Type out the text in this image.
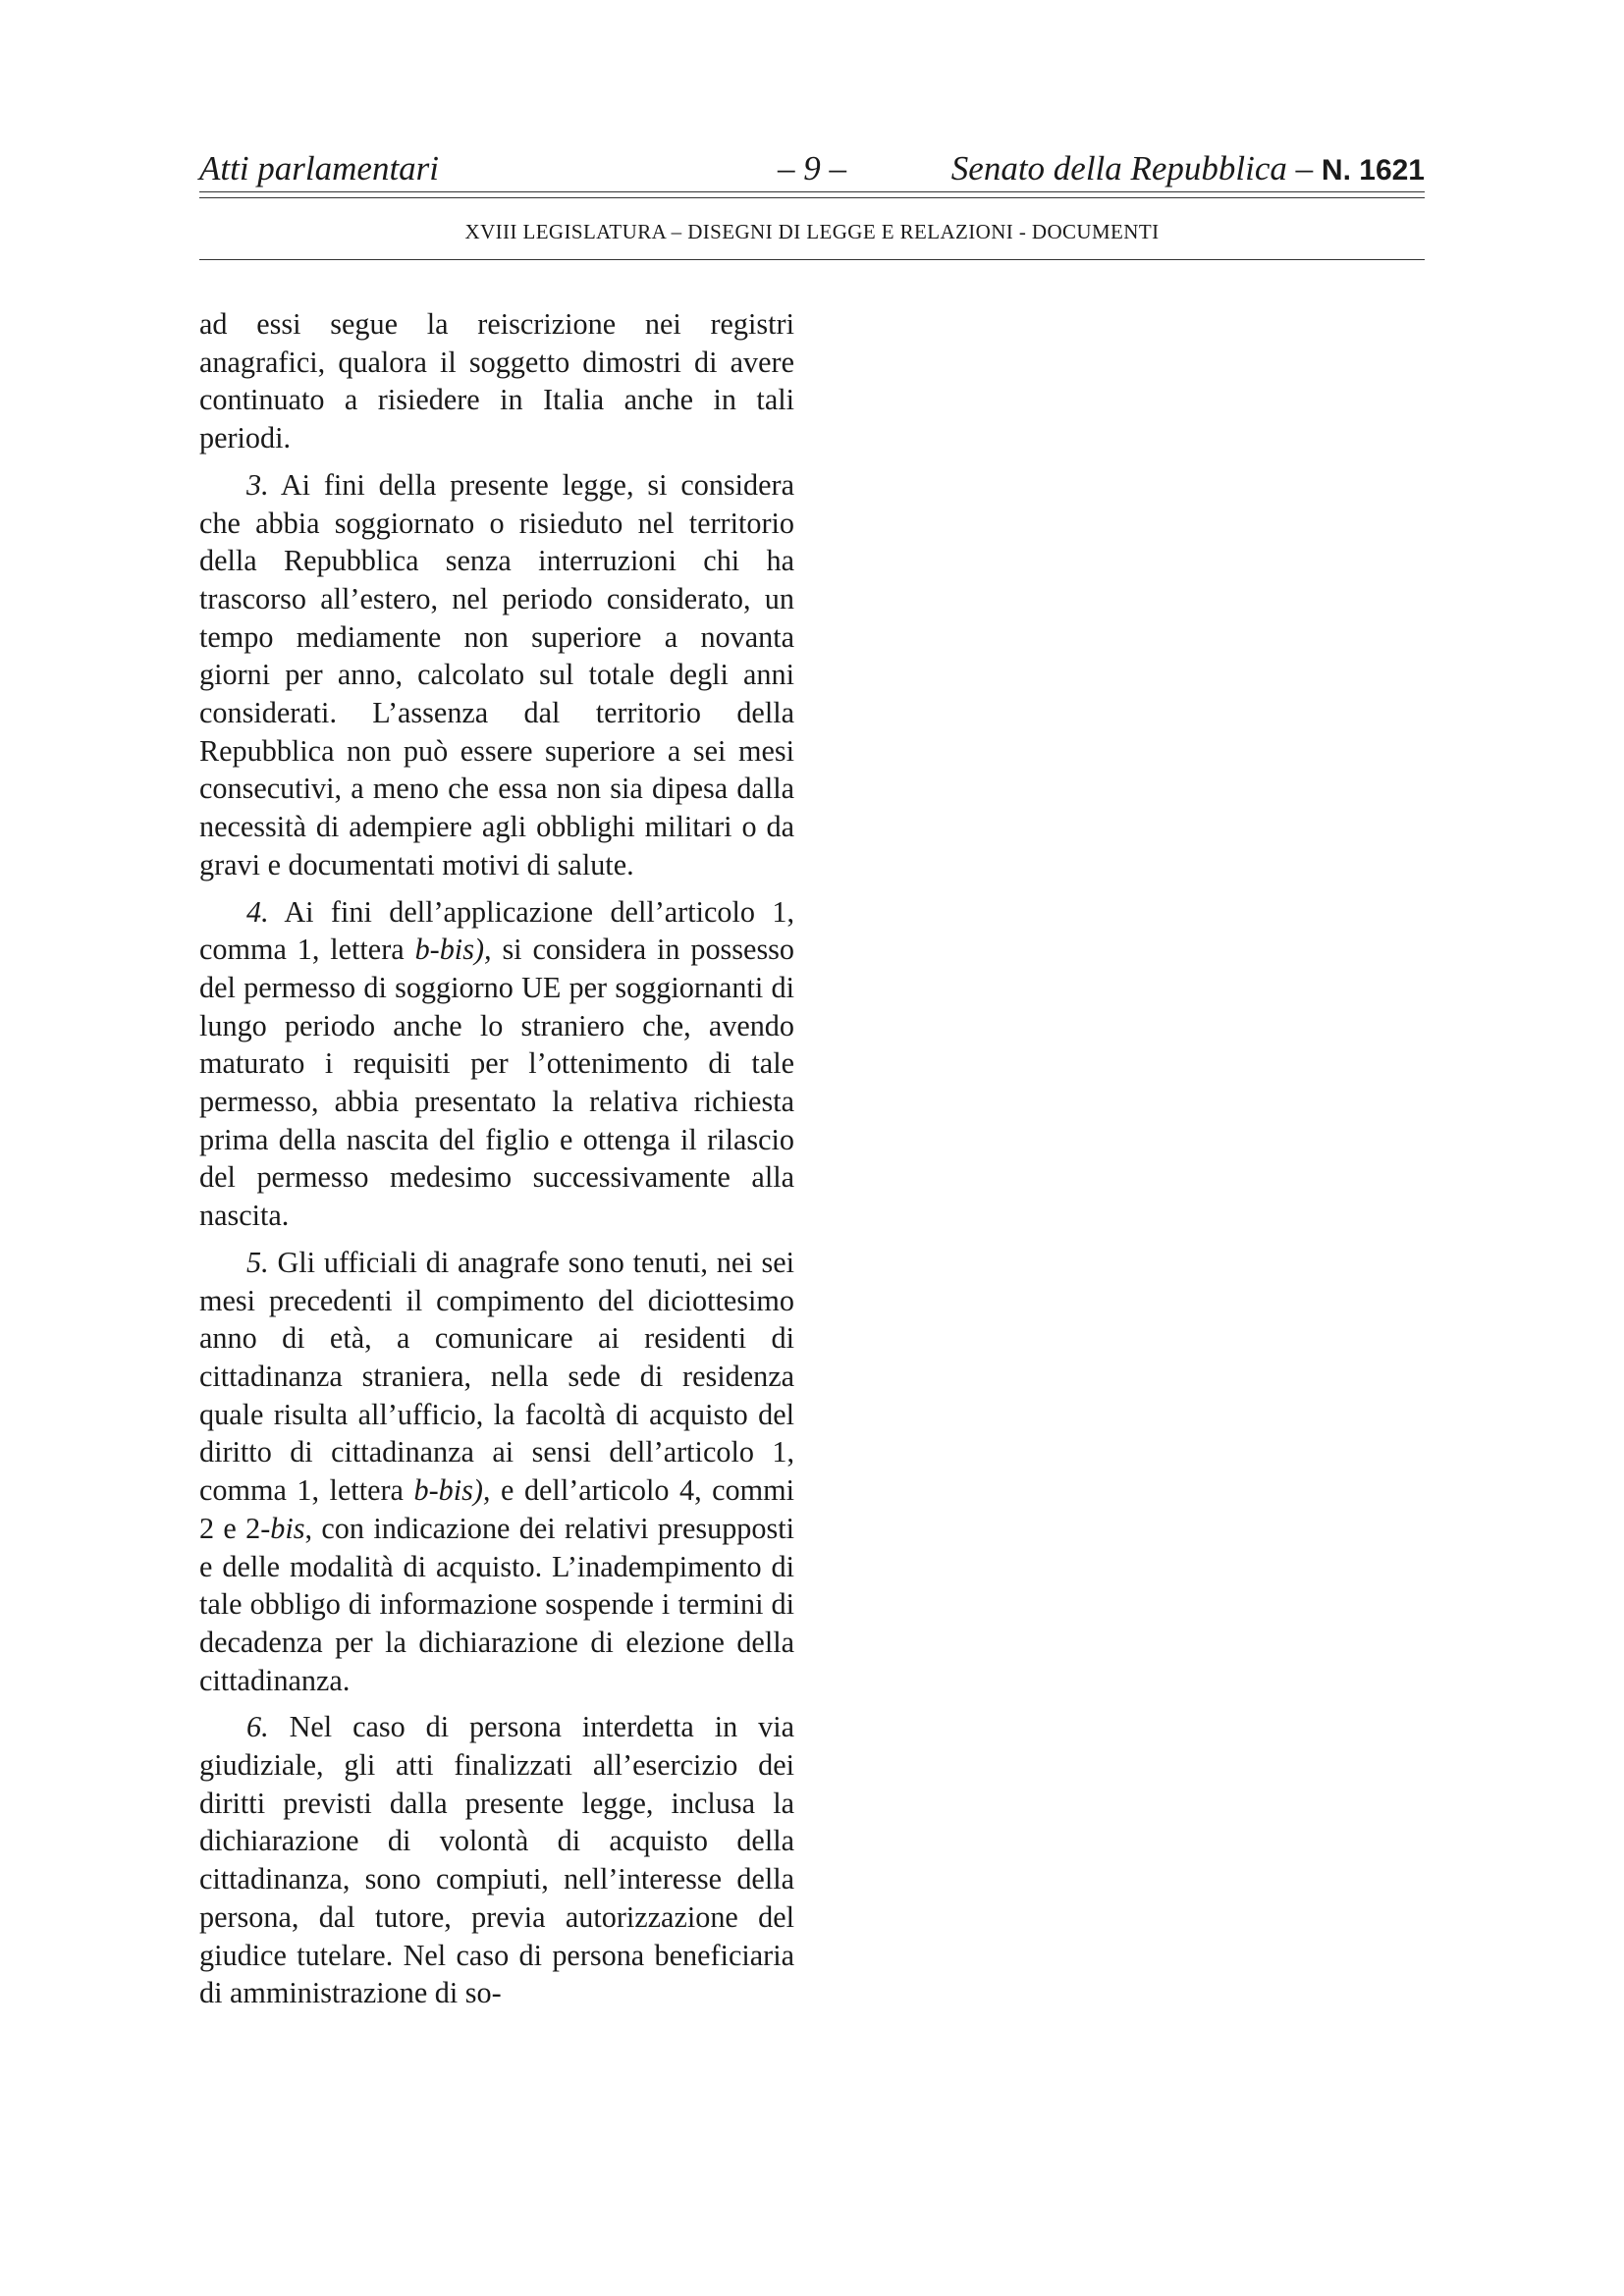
Atti parlamentari	– 9 –	Senato della Repubblica – N. 1621
XVIII LEGISLATURA – DISEGNI DI LEGGE E RELAZIONI - DOCUMENTI

ad essi segue la reiscrizione nei registri anagrafici, qualora il soggetto dimostri di avere continuato a risiedere in Italia anche in tali periodi.

3. Ai fini della presente legge, si considera che abbia soggiornato o risieduto nel territorio della Repubblica senza interruzioni chi ha trascorso all’estero, nel periodo considerato, un tempo mediamente non superiore a novanta giorni per anno, calcolato sul totale degli anni considerati. L’assenza dal territorio della Repubblica non può essere superiore a sei mesi consecutivi, a meno che essa non sia dipesa dalla necessità di adempiere agli obblighi militari o da gravi e documentati motivi di salute.

4. Ai fini dell’applicazione dell’articolo 1, comma 1, lettera b-bis), si considera in possesso del permesso di soggiorno UE per soggiornanti di lungo periodo anche lo straniero che, avendo maturato i requisiti per l’ottenimento di tale permesso, abbia presentato la relativa richiesta prima della nascita del figlio e ottenga il rilascio del permesso medesimo successivamente alla nascita.

5. Gli ufficiali di anagrafe sono tenuti, nei sei mesi precedenti il compimento del diciottesimo anno di età, a comunicare ai residenti di cittadinanza straniera, nella sede di residenza quale risulta all’ufficio, la facoltà di acquisto del diritto di cittadinanza ai sensi dell’articolo 1, comma 1, lettera b-bis), e dell’articolo 4, commi 2 e 2-bis, con indicazione dei relativi presupposti e delle modalità di acquisto. L’inadempimento di tale obbligo di informazione sospende i termini di decadenza per la dichiarazione di elezione della cittadinanza.

6. Nel caso di persona interdetta in via giudiziale, gli atti finalizzati all’esercizio dei diritti previsti dalla presente legge, inclusa la dichiarazione di volontà di acquisto della cittadinanza, sono compiuti, nell’interesse della persona, dal tutore, previa autorizzazione del giudice tutelare. Nel caso di persona beneficiaria di amministrazione di so-
